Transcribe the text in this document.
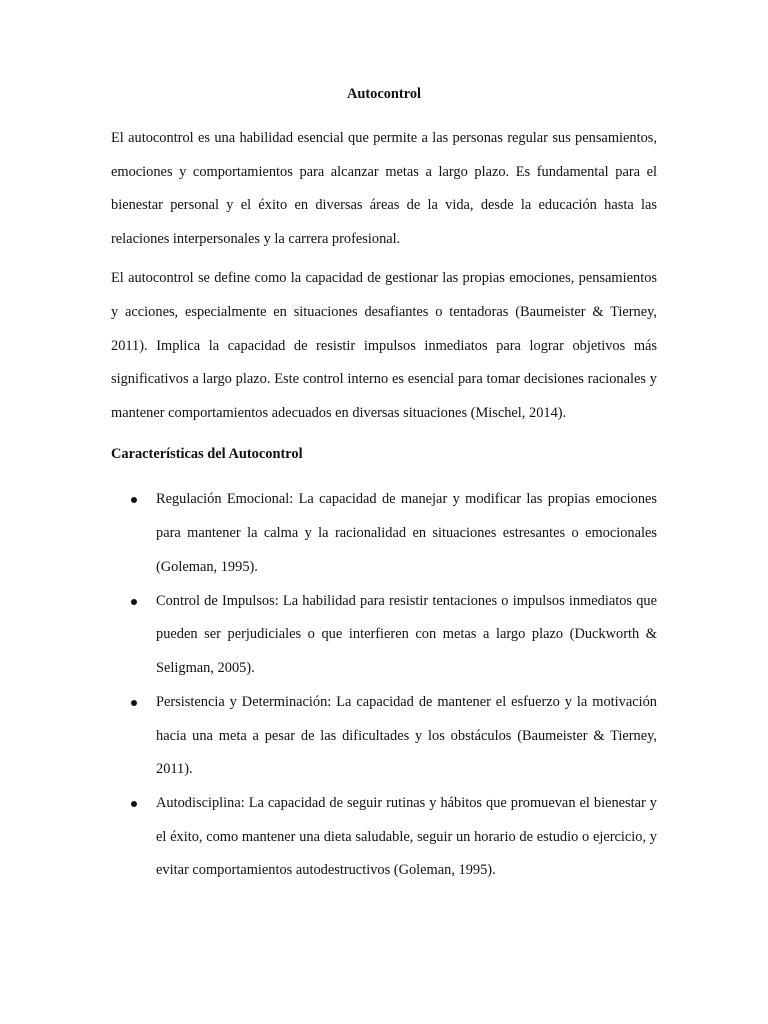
Autocontrol

El autocontrol es una habilidad esencial que permite a las personas regular sus pensamientos, emociones y comportamientos para alcanzar metas a largo plazo. Es fundamental para el bienestar personal y el éxito en diversas áreas de la vida, desde la educación hasta las relaciones interpersonales y la carrera profesional.

El autocontrol se define como la capacidad de gestionar las propias emociones, pensamientos y acciones, especialmente en situaciones desafiantes o tentadoras (Baumeister & Tierney, 2011). Implica la capacidad de resistir impulsos inmediatos para lograr objetivos más significativos a largo plazo. Este control interno es esencial para tomar decisiones racionales y mantener comportamientos adecuados en diversas situaciones (Mischel, 2014).

Características del Autocontrol
Regulación Emocional: La capacidad de manejar y modificar las propias emociones para mantener la calma y la racionalidad en situaciones estresantes o emocionales (Goleman, 1995).
Control de Impulsos: La habilidad para resistir tentaciones o impulsos inmediatos que pueden ser perjudiciales o que interfieren con metas a largo plazo (Duckworth & Seligman, 2005).
Persistencia y Determinación: La capacidad de mantener el esfuerzo y la motivación hacia una meta a pesar de las dificultades y los obstáculos (Baumeister & Tierney, 2011).
Autodisciplina: La capacidad de seguir rutinas y hábitos que promuevan el bienestar y el éxito, como mantener una dieta saludable, seguir un horario de estudio o ejercicio, y evitar comportamientos autodestructivos (Goleman, 1995).
